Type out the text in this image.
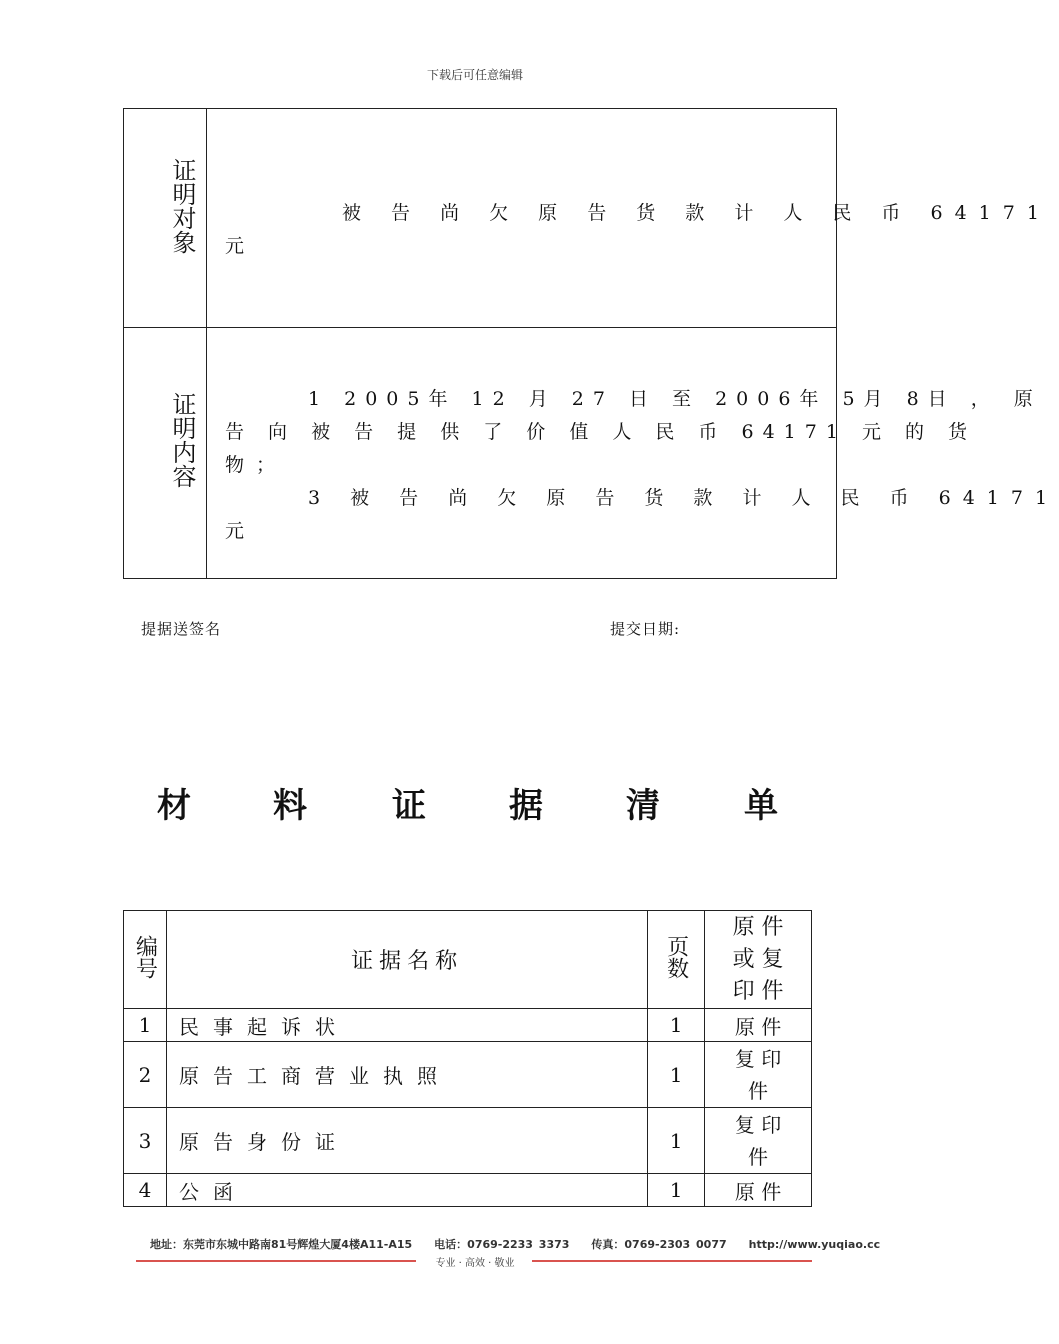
下载后可任意编辑
证明对象	被 告 尚 欠 原 告 货 款 计 人 民 币 64171
元
证明内容	1 2005年 12 月 27 日 至 2006年 5月 8日 ， 原
告 向 被 告 提 供 了 价 值 人 民 币 64171 元 的 货
物；
3 被 告 尚 欠 原 告 货 款 计 人 民 币 64171
元
提据送签名	提交日期:
材 料	证 据 清 单
编号	证据名称	页数	原 件
或 复
印 件
1	民事起诉状	1	原 件
2	原告工商营业执照	1	复 印
件
3	原告身份证	1	复 印
件
4	公函	1	原 件
地址：东莞市东城中路南81号辉煌大厦4楼A11-A15　　电话：0769-2233 3373　　传真：0769-2303 0077　　http://www.yuqiao.cc
专业 · 高效 · 敬业
